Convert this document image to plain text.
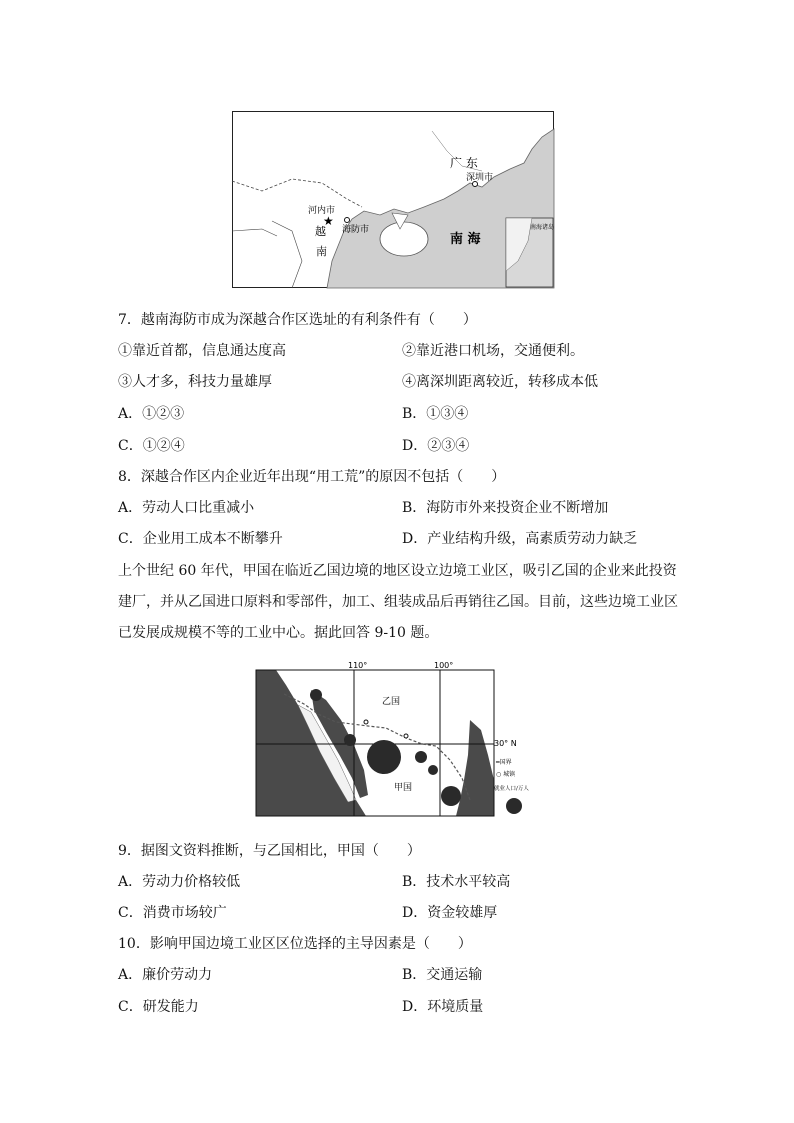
南海诸岛
广 东
深圳市
★
河内市
海防市
越
南
南 海
7．越南海防市成为深越合作区选址的有利条件有（　　）
①靠近首都，信息通达度高	②靠近港口机场，交通便利。
③人才多，科技力量雄厚	④离深圳距离较近，转移成本低
A．①②③	B．①③④
C．①②④	D．②③④
8．深越合作区内企业近年出现“用工荒”的原因不包括（　　）
A．劳动人口比重减小	B．海防市外来投资企业不断增加
C．企业用工成本不断攀升	D．产业结构升级，高素质劳动力缺乏
上个世纪 60 年代，甲国在临近乙国边境的地区设立边境工业区，吸引乙国的企业来此投资
建厂，并从乙国进口原料和零部件，加工、组装成品后再销往乙国。目前，这些边境工业区
已发展成规模不等的工业中心。据此回答 9-10 题。
110°	100°
30° N
乙国
甲国
━国界
○ 城镇
就业人口/万人
9．据图文资料推断，与乙国相比，甲国（　　）
A．劳动力价格较低	B．技术水平较高
C．消费市场较广	D．资金较雄厚
10．影响甲国边境工业区区位选择的主导因素是（　　）
A．廉价劳动力	B．交通运输
C．研发能力	D．环境质量
